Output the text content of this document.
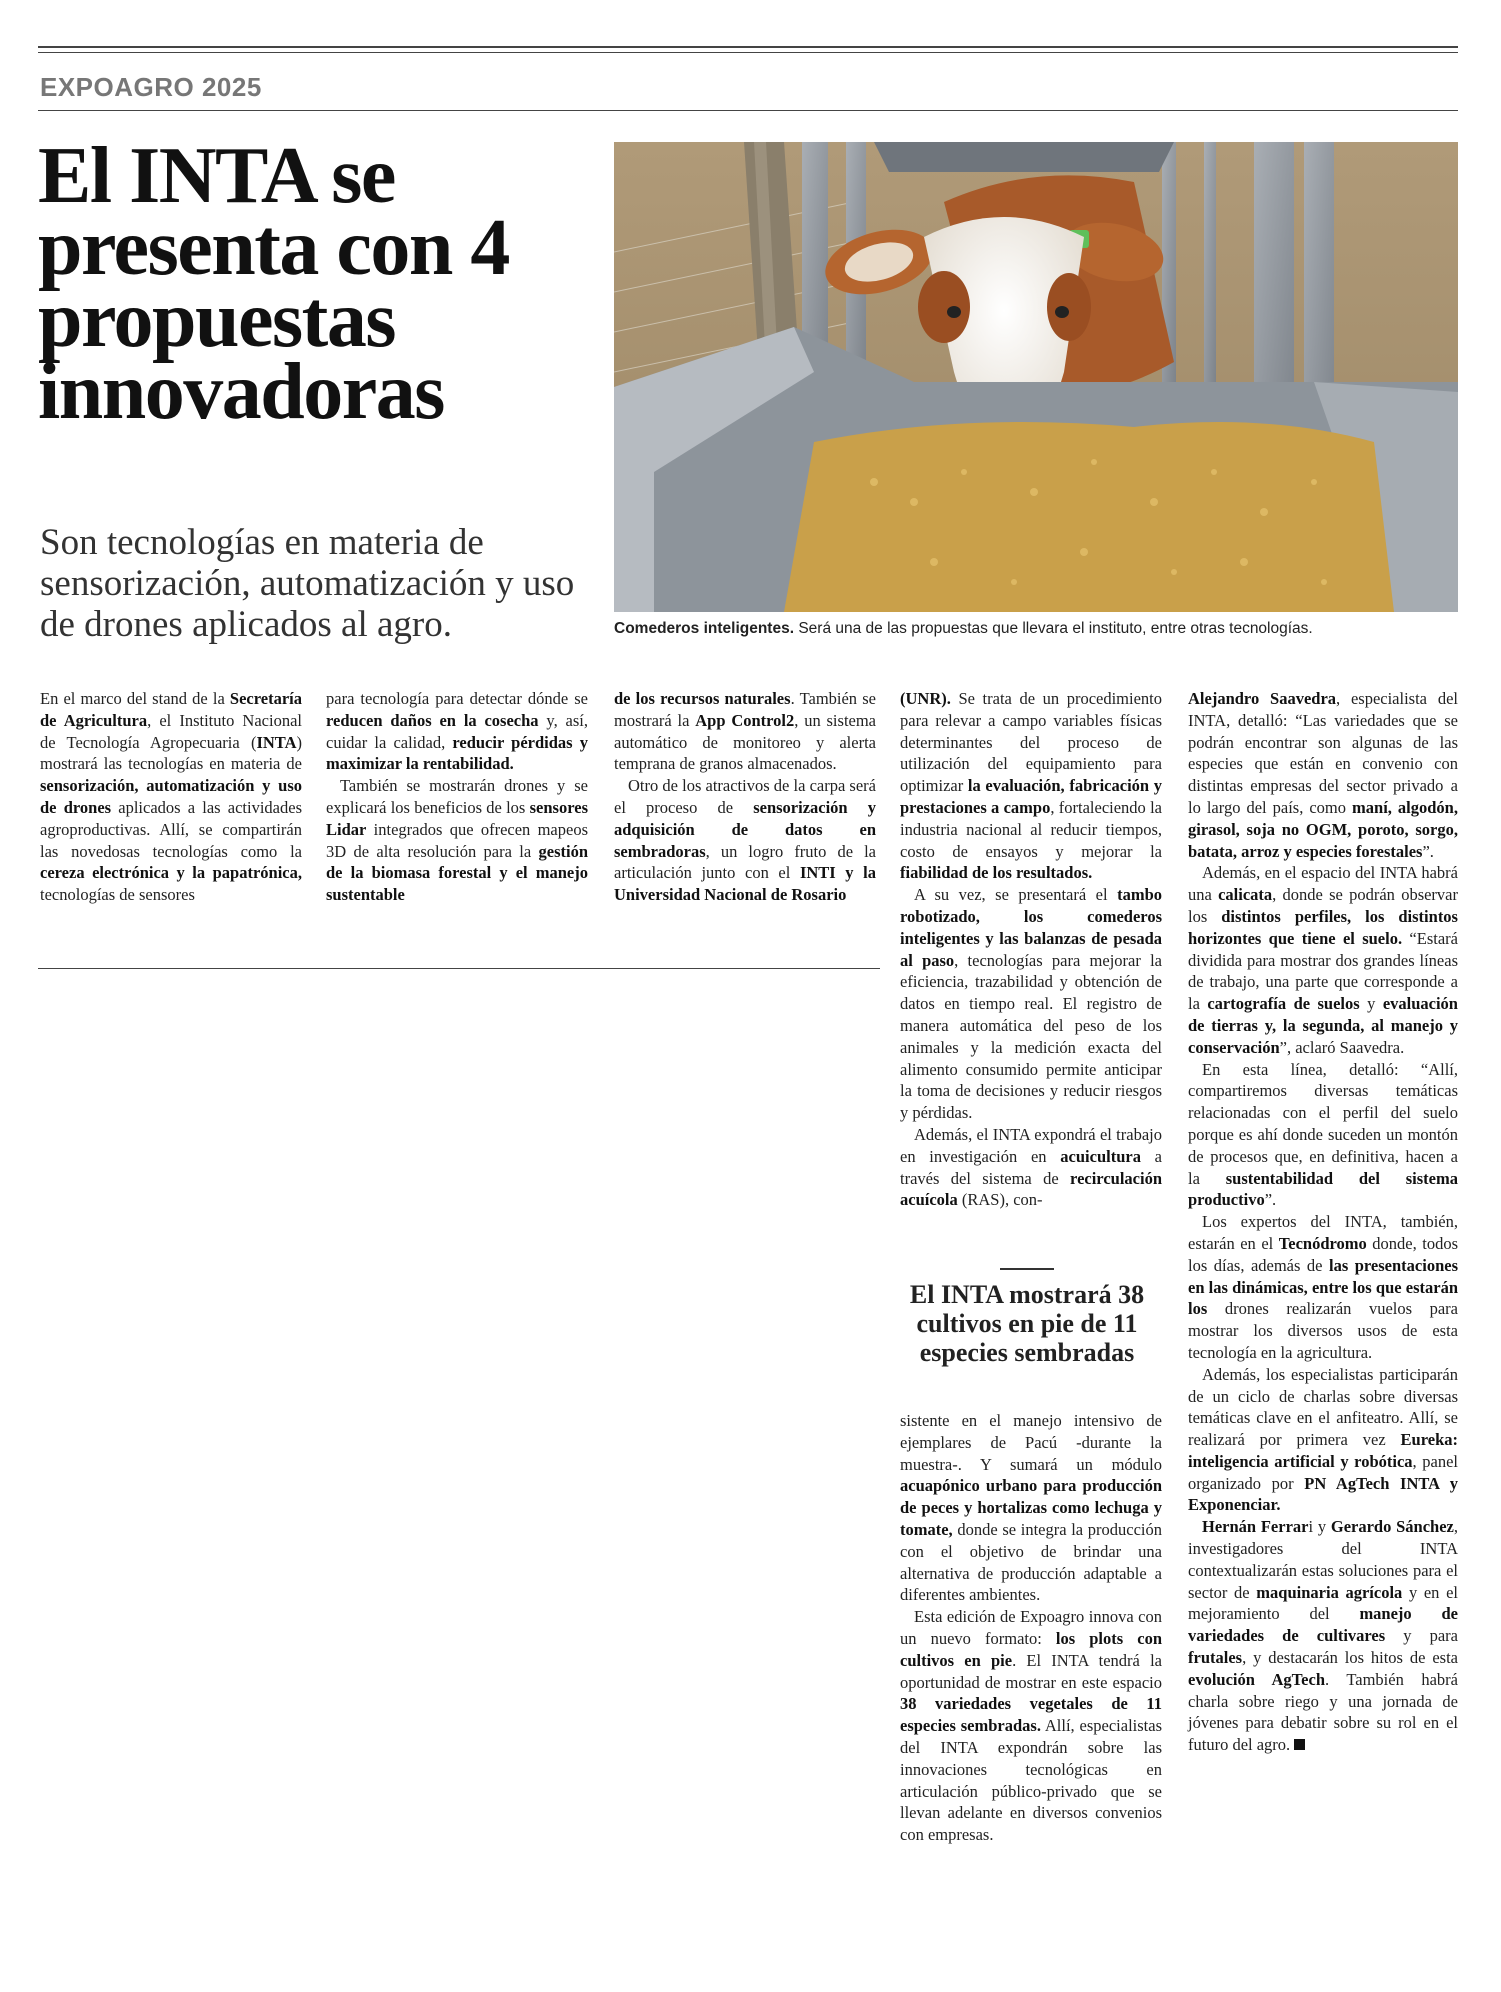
EXPOAGRO 2025
El INTA se presenta con 4 propuestas innovadoras
Son tecnologías en materia de sensorización, automatización y uso de drones aplicados al agro.	Comederos inteligentes. Será una de las propuestas que llevara el instituto, entre otras tecnologías.

En el marco del stand de la Secretaría de Agricultura, el Instituto Nacional de Tecnología Agropecuaria (INTA) mostrará las tecnologías en materia de sensorización, automatización y uso de drones aplicados a las actividades agroproductivas. Allí, se compartirán las novedosas tecnologías como la cereza electrónica y la papatrónica, tecnologías de sensores

para tecnología para detectar dónde se reducen daños en la cosecha y, así, cuidar la calidad, reducir pérdidas y maximizar la rentabilidad.

También se mostrarán drones y se explicará los beneficios de los sensores Lidar integrados que ofrecen mapeos 3D de alta resolución para la gestión de la biomasa forestal y el manejo sustentable

de los recursos naturales. También se mostrará la App Control2, un sistema automático de monitoreo y alerta temprana de granos almacenados.

Otro de los atractivos de la carpa será el proceso de sensorización y adquisición de datos en sembradoras, un logro fruto de la articulación junto con el INTI y la Universidad Nacional de Rosario

(UNR). Se trata de un procedimiento para relevar a campo variables físicas determinantes del proceso de utilización del equipamiento para optimizar la evaluación, fabricación y prestaciones a campo, fortaleciendo la industria nacional al reducir tiempos, costo de ensayos y mejorar la fiabilidad de los resultados.

A su vez, se presentará el tambo robotizado, los comederos inteligentes y las balanzas de pesada al paso, tecnologías para mejorar la eficiencia, trazabilidad y obtención de datos en tiempo real. El registro de manera automática del peso de los animales y la medición exacta del alimento consumido permite anticipar la toma de decisiones y reducir riesgos y pérdidas.

Además, el INTA expondrá el trabajo en investigación en acuicultura a través del sistema de recirculación acuícola (RAS), con-

El INTA mostrará 38 cultivos en pie de 11 especies sembradas

sistente en el manejo intensivo de ejemplares de Pacú -durante la muestra-. Y sumará un módulo acuapónico urbano para producción de peces y hortalizas como lechuga y tomate, donde se integra la producción con el objetivo de brindar una alternativa de producción adaptable a diferentes ambientes.

Esta edición de Expoagro innova con un nuevo formato: los plots con cultivos en pie. El INTA tendrá la oportunidad de mostrar en este espacio 38 variedades vegetales de 11 especies sembradas. Allí, especialistas del INTA expondrán sobre las innovaciones tecnológicas en articulación público-privado que se llevan adelante en diversos convenios con empresas.

Alejandro Saavedra, especialista del INTA, detalló: “Las variedades que se podrán encontrar son algunas de las especies que están en convenio con distintas empresas del sector privado a lo largo del país, como maní, algodón, girasol, soja no OGM, poroto, sorgo, batata, arroz y especies forestales”.

Además, en el espacio del INTA habrá una calicata, donde se podrán observar los distintos perfiles, los distintos horizontes que tiene el suelo. “Estará dividida para mostrar dos grandes líneas de trabajo, una parte que corresponde a la cartografía de suelos y evaluación de tierras y, la segunda, al manejo y conservación”, aclaró Saavedra.

En esta línea, detalló: “Allí, compartiremos diversas temáticas relacionadas con el perfil del suelo porque es ahí donde suceden un montón de procesos que, en definitiva, hacen a la sustentabilidad del sistema productivo”.

Los expertos del INTA, también, estarán en el Tecnódromo donde, todos los días, además de las presentaciones en las dinámicas, entre los que estarán los drones realizarán vuelos para mostrar los diversos usos de esta tecnología en la agricultura.

Además, los especialistas participarán de un ciclo de charlas sobre diversas temáticas clave en el anfiteatro. Allí, se realizará por primera vez Eureka: inteligencia artificial y robótica, panel organizado por PN AgTech INTA y Exponenciar.

Hernán Ferrari y Gerardo Sánchez, investigadores del INTA contextualizarán estas soluciones para el sector de maquinaria agrícola y en el mejoramiento del manejo de variedades de cultivares y para frutales, y destacarán los hitos de esta evolución AgTech. También habrá charla sobre riego y una jornada de jóvenes para debatir sobre su rol en el futuro del agro.
